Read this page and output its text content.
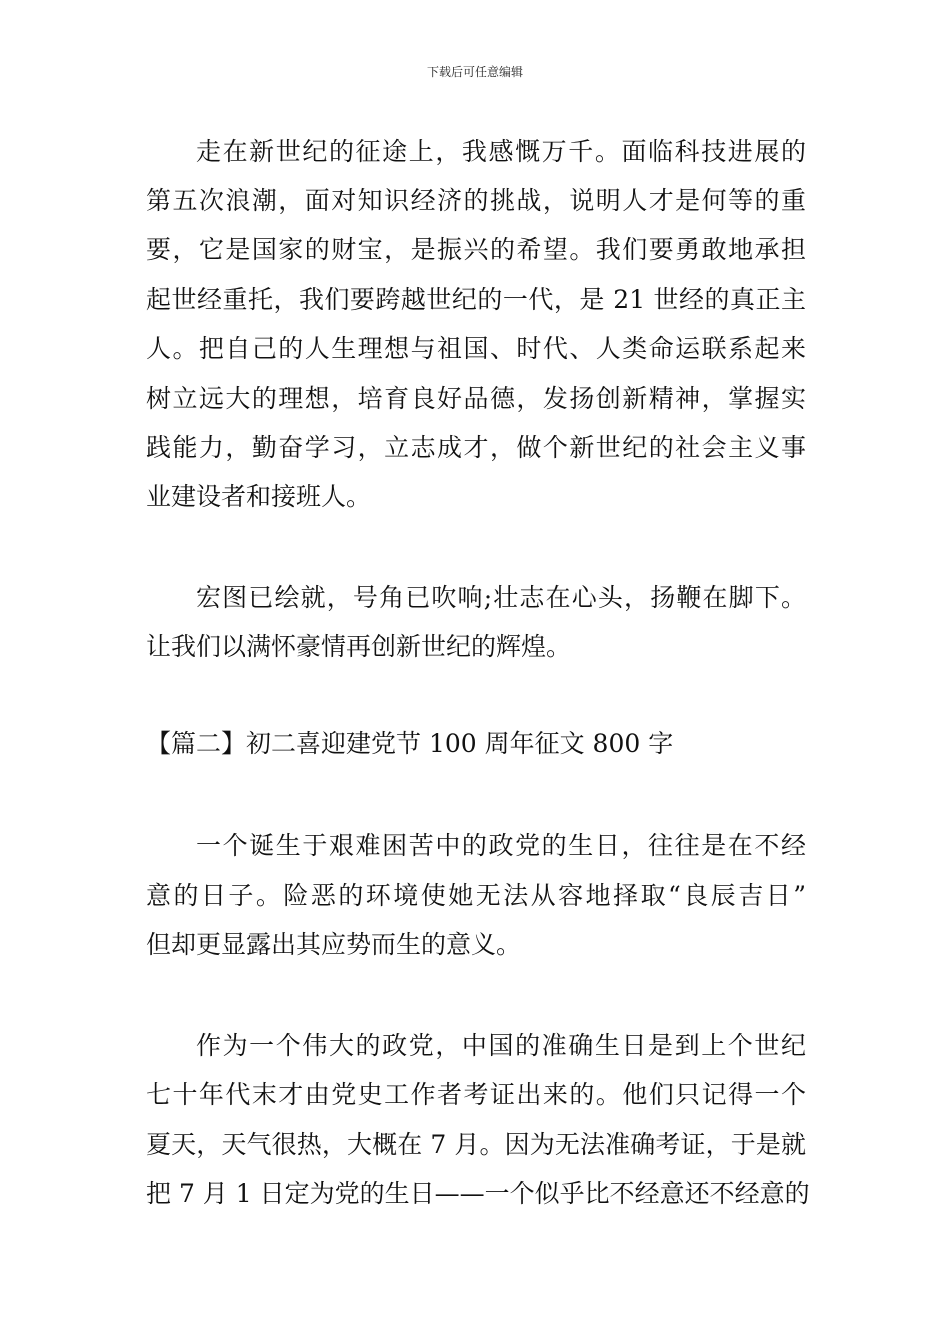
下载后可任意编辑
走在新世纪的征途上，我感慨万千。面临科技进展的
第五次浪潮，面对知识经济的挑战，说明人才是何等的重
要，它是国家的财宝，是振兴的希望。我们要勇敢地承担
起世经重托，我们要跨越世纪的一代，是 21 世经的真正主
人。把自己的人生理想与祖国、时代、人类命运联系起来
树立远大的理想，培育良好品德，发扬创新精神，掌握实
践能力，勤奋学习，立志成才，做个新世纪的社会主义事
业建设者和接班人。
宏图已绘就，号角已吹响;壮志在心头，扬鞭在脚下。
让我们以满怀豪情再创新世纪的辉煌。
【篇二】初二喜迎建党节 100 周年征文 800 字
一个诞生于艰难困苦中的政党的生日，往往是在不经
意的日子。险恶的环境使她无法从容地择取“良辰吉日”
但却更显露出其应势而生的意义。
作为一个伟大的政党，中国的准确生日是到上个世纪
七十年代末才由党史工作者考证出来的。他们只记得一个
夏天，天气很热，大概在 7 月。因为无法准确考证，于是就
把 7 月 1 日定为党的生日——一个似乎比不经意还不经意的
